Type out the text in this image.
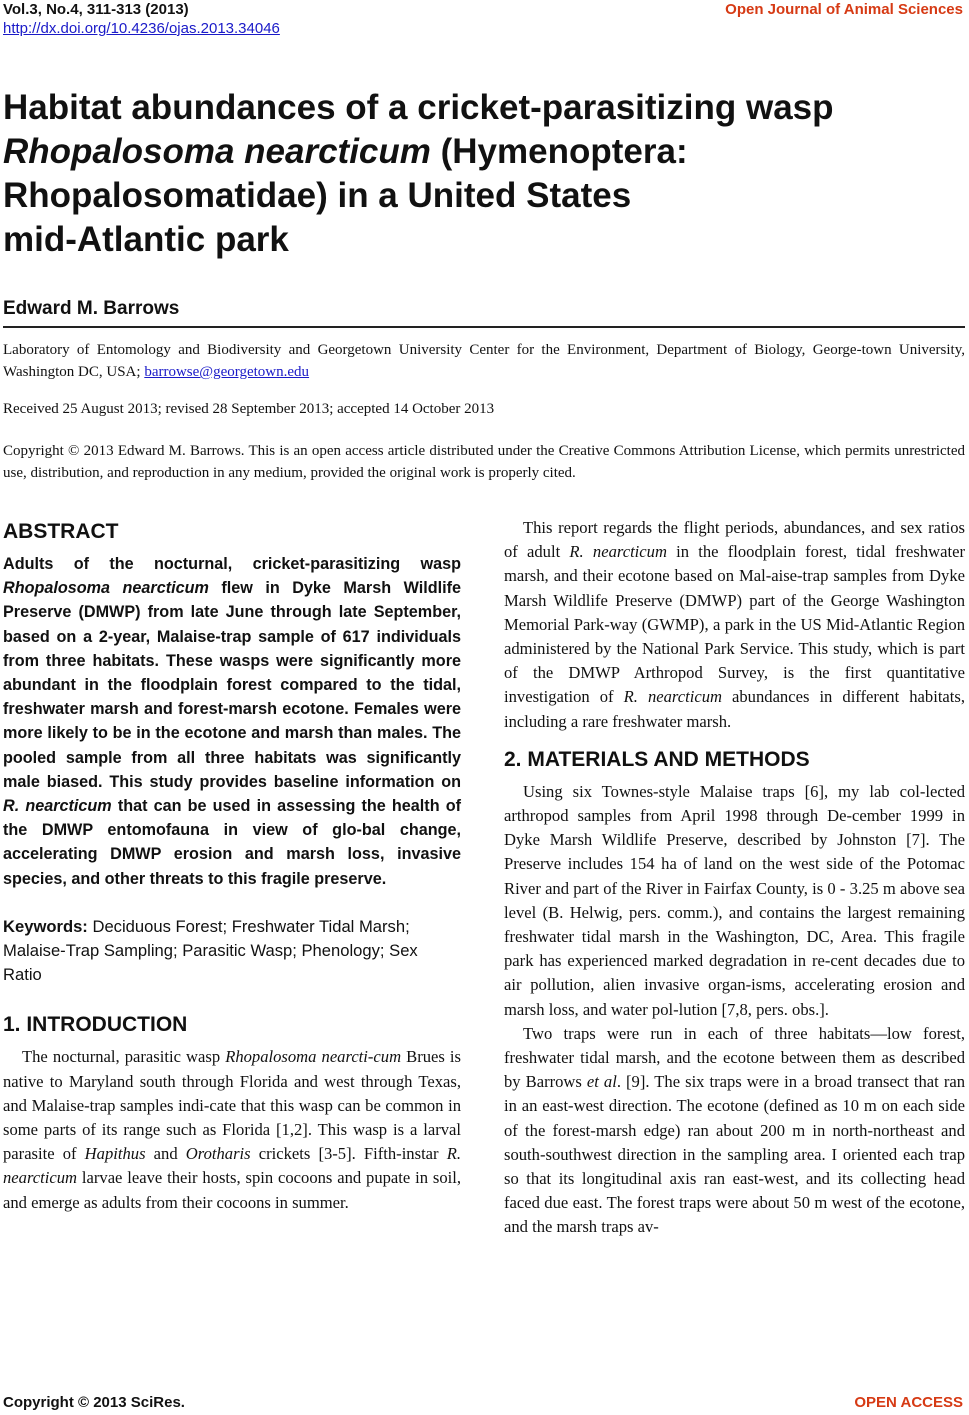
Vol.3, No.4, 311-313 (2013)
http://dx.doi.org/10.4236/ojas.2013.34046
Open Journal of Animal Sciences
Habitat abundances of a cricket-parasitizing wasp
Rhopalosoma nearcticum (Hymenoptera:
Rhopalosomatidae) in a United States
mid-Atlantic park
Edward M. Barrows
Laboratory of Entomology and Biodiversity and Georgetown University Center for the Environment, Department of Biology, George-town University, Washington DC, USA; barrowse@georgetown.edu
Received 25 August 2013; revised 28 September 2013; accepted 14 October 2013
Copyright © 2013 Edward M. Barrows. This is an open access article distributed under the Creative Commons Attribution License, which permits unrestricted use, distribution, and reproduction in any medium, provided the original work is properly cited.
ABSTRACT

Adults of the nocturnal, cricket-parasitizing wasp Rhopalosoma nearcticum flew in Dyke Marsh Wildlife Preserve (DMWP) from late June through late September, based on a 2-year, Malaise-trap sample of 617 individuals from three habitats. These wasps were significantly more abundant in the floodplain forest compared to the tidal, freshwater marsh and forest-marsh ecotone. Females were more likely to be in the ecotone and marsh than males. The pooled sample from all three habitats was significantly male biased. This study provides baseline information on R. nearcticum that can be used in assessing the health of the DMWP entomofauna in view of glo-bal change, accelerating DMWP erosion and marsh loss, invasive species, and other threats to this fragile preserve.

Keywords: Deciduous Forest; Freshwater Tidal Marsh; Malaise-Trap Sampling; Parasitic Wasp; Phenology; Sex Ratio

1. INTRODUCTION

The nocturnal, parasitic wasp Rhopalosoma nearcti-cum Brues is native to Maryland south through Florida and west through Texas, and Malaise-trap samples indi-cate that this wasp can be common in some parts of its range such as Florida [1,2]. This wasp is a larval parasite of Hapithus and Orotharis crickets [3-5]. Fifth-instar R. nearcticum larvae leave their hosts, spin cocoons and pupate in soil, and emerge as adults from their cocoons in summer.

This report regards the flight periods, abundances, and sex ratios of adult R. nearcticum in the floodplain forest, tidal freshwater marsh, and their ecotone based on Mal-aise-trap samples from Dyke Marsh Wildlife Preserve (DMWP) part of the George Washington Memorial Park-way (GWMP), a park in the US Mid-Atlantic Region administered by the National Park Service. This study, which is part of the DMWP Arthropod Survey, is the first quantitative investigation of R. nearcticum abundances in different habitats, including a rare freshwater marsh.

2. MATERIALS AND METHODS

Using six Townes-style Malaise traps [6], my lab col-lected arthropod samples from April 1998 through De-cember 1999 in Dyke Marsh Wildlife Preserve, described by Johnston [7]. The Preserve includes 154 ha of land on the west side of the Potomac River and part of the River in Fairfax County, is 0 - 3.25 m above sea level (B. Helwig, pers. comm.), and contains the largest remaining freshwater tidal marsh in the Washington, DC, Area. This fragile park has experienced marked degradation in re-cent decades due to air pollution, alien invasive organ-isms, accelerating erosion and marsh loss, and water pol-lution [7,8, pers. obs.].

Two traps were run in each of three habitats—low forest, freshwater tidal marsh, and the ecotone between them as described by Barrows et al. [9]. The six traps were in a broad transect that ran in an east-west direction. The ecotone (defined as 10 m on each side of the forest-marsh edge) ran about 200 m in north-northeast and south-southwest direction in the sampling area. I oriented each trap so that its longitudinal axis ran east-west, and its collecting head faced due east. The forest traps were about 50 m west of the ecotone, and the marsh traps av-

Copyright © 2013 SciRes.	OPEN ACCESS
